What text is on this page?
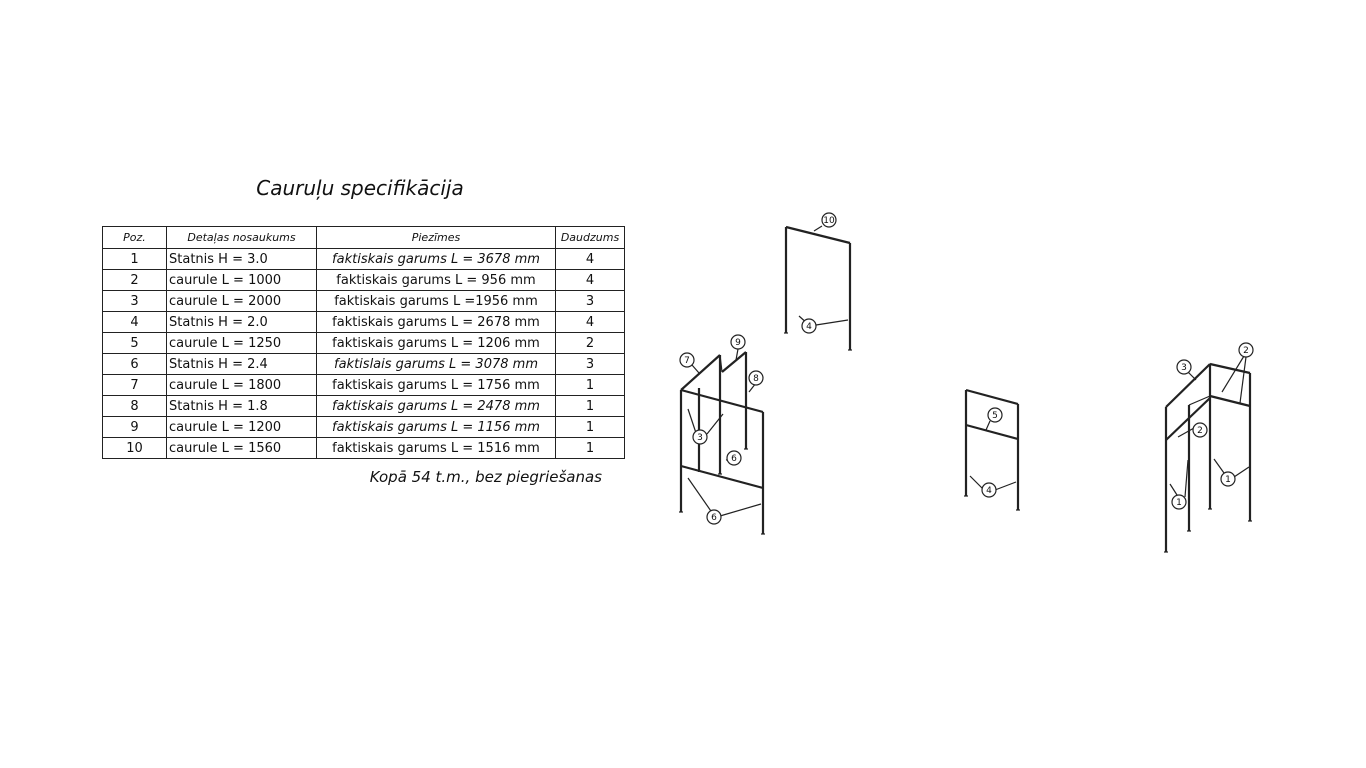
Cauruļu specifikācija
Poz.	Detaļas nosaukums	Piezīmes	Daudzums
1	Statnis H = 3.0	faktiskais garums L = 3678 mm	4
2	caurule L = 1000	faktiskais garums L = 956 mm	4
3	caurule L = 2000	faktiskais garums L =1956 mm	3
4	Statnis H = 2.0	faktiskais garums L = 2678 mm	4
5	caurule L = 1250	faktiskais garums L = 1206 mm	2
6	Statnis H = 2.4	faktislais garums L = 3078 mm	3
7	caurule L = 1800	faktiskais garums L = 1756 mm	1
8	Statnis H = 1.8	faktiskais garums L = 2478 mm	1
9	caurule L = 1200	faktiskais garums L = 1156 mm	1
10	caurule L = 1560	faktiskais garums L = 1516 mm	1
Kopā 54 t.m., bez piegriešanas
10
4
7
9
8
3
6
6
5
4
3
2
2
1
1
